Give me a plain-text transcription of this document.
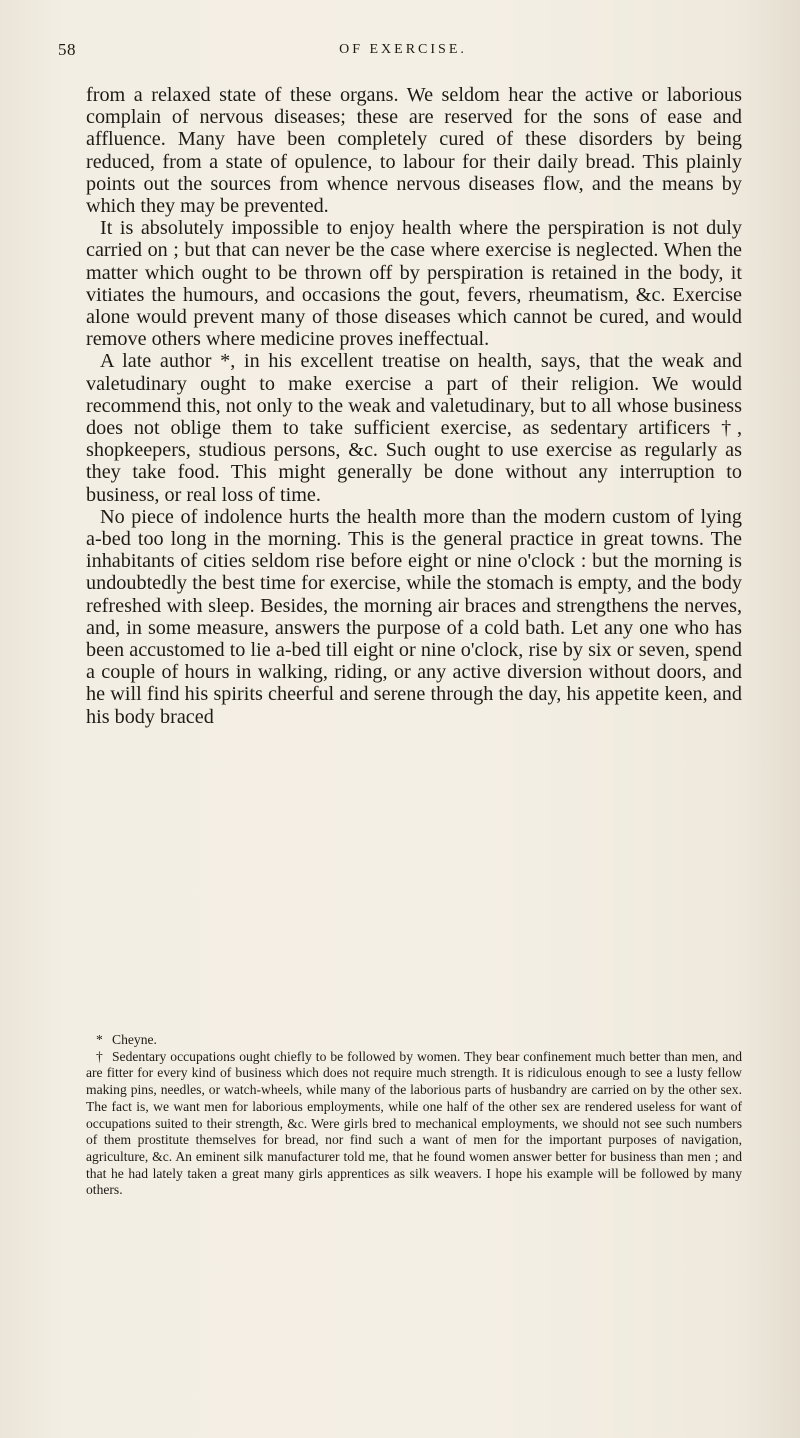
58	OF EXERCISE.

from a relaxed state of these organs. We seldom hear the active or laborious complain of nervous diseases; these are reserved for the sons of ease and affluence. Many have been completely cured of these disorders by being reduced, from a state of opulence, to labour for their daily bread. This plainly points out the sources from whence nervous diseases flow, and the means by which they may be prevented.

It is absolutely impossible to enjoy health where the perspiration is not duly carried on ; but that can never be the case where exercise is neglected. When the matter which ought to be thrown off by perspiration is retained in the body, it vitiates the humours, and occasions the gout, fevers, rheumatism, &c. Exercise alone would prevent many of those diseases which cannot be cured, and would remove others where medicine proves ineffectual.

A late author *, in his excellent treatise on health, says, that the weak and valetudinary ought to make exercise a part of their religion. We would recommend this, not only to the weak and valetudinary, but to all whose business does not oblige them to take sufficient exercise, as sedentary artificers †, shopkeepers, studious persons, &c. Such ought to use exercise as regularly as they take food. This might generally be done without any interruption to business, or real loss of time.

No piece of indolence hurts the health more than the modern custom of lying a-bed too long in the morning. This is the general practice in great towns. The inhabitants of cities seldom rise before eight or nine o'clock : but the morning is undoubtedly the best time for exercise, while the stomach is empty, and the body refreshed with sleep. Besides, the morning air braces and strengthens the nerves, and, in some measure, answers the purpose of a cold bath. Let any one who has been accustomed to lie a-bed till eight or nine o'clock, rise by six or seven, spend a couple of hours in walking, riding, or any active diversion without doors, and he will find his spirits cheerful and serene through the day, his appetite keen, and his body braced

* Cheyne.

† Sedentary occupations ought chiefly to be followed by women. They bear confinement much better than men, and are fitter for every kind of business which does not require much strength. It is ridiculous enough to see a lusty fellow making pins, needles, or watch-wheels, while many of the laborious parts of husbandry are carried on by the other sex. The fact is, we want men for laborious employments, while one half of the other sex are rendered useless for want of occupations suited to their strength, &c. Were girls bred to mechanical employments, we should not see such numbers of them prostitute themselves for bread, nor find such a want of men for the important purposes of navigation, agriculture, &c. An eminent silk manufacturer told me, that he found women answer better for business than men ; and that he had lately taken a great many girls apprentices as silk weavers. I hope his example will be followed by many others.
